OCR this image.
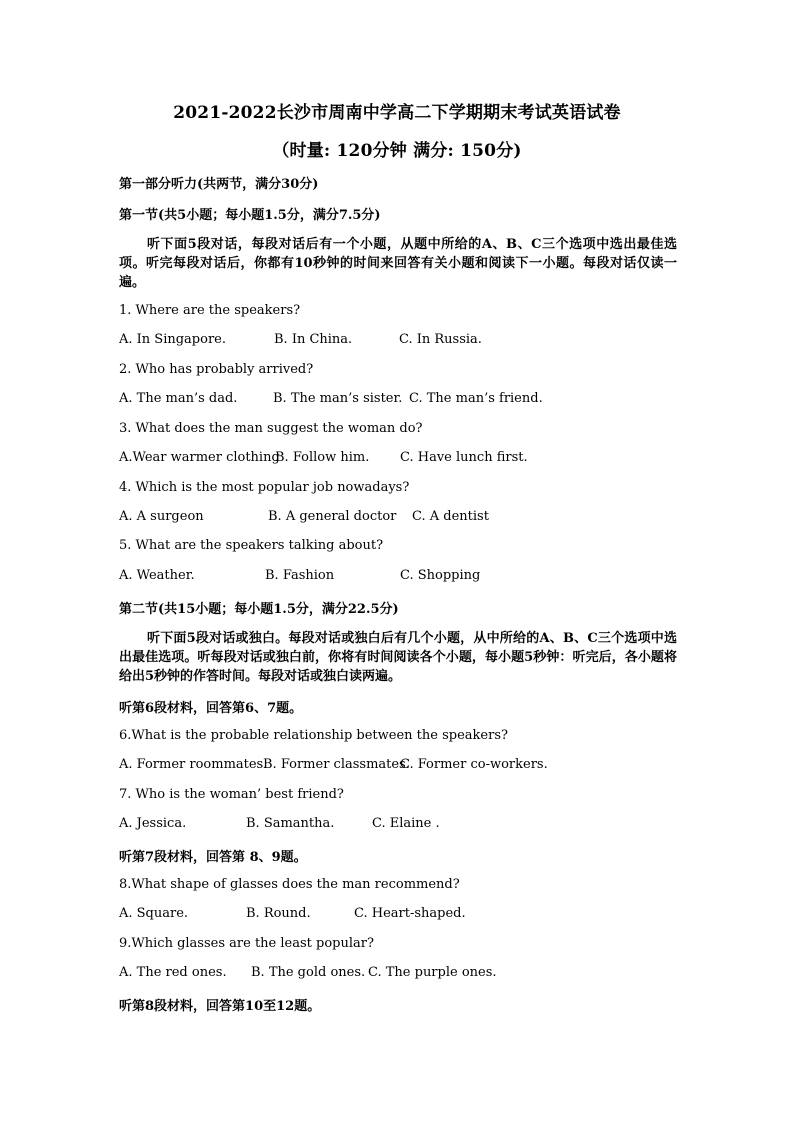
2021-2022长沙市周南中学高二下学期期末考试英语试卷
（时量: 120分钟 满分: 150分)
第一部分听力(共两节，满分30分)
第一节(共5小题；每小题1.5分，满分7.5分)
听下面5段对话，每段对话后有一个小题，从题中所给的A、B、C三个选项中选出最佳选项。听完每段对话后，你都有10秒钟的时间来回答有关小题和阅读下一小题。每段对话仅读一遍。
1. Where are the speakers?
A. In Singapore.	B. In China.	C. In Russia.
2. Who has probably arrived?
A. The man’s dad.	B. The man’s sister. C. The man’s friend.
3. What does the man suggest the woman do?
A.Wear warmer clothing
B. Follow him. C. Have lunch first.
4. Which is the most popular job nowadays?
A. A surgeon	B. A general doctor C. A dentist
5. What are the speakers talking about?
A. Weather.	B. Fashion	C. Shopping
第二节(共15小题；每小题1.5分，满分22.5分)
听下面5段对话或独白。每段对话或独白后有几个小题，从中所给的A、B、C三个选项中选出最佳选项。听每段对话或独白前，你将有时间阅读各个小题，每小题5秒钟：听完后，各小题将给出5秒钟的作答时间。每段对话或独白读两遍。
听第6段材料，回答第6、7题。
6.What is the probable relationship between the speakers?
A. Former roommates.
B. Former classmates.
C. Former co-workers.
7. Who is the woman’ best friend?
A. Jessica.	B. Samantha.	C. Elaine .
听第7段材料，回答第 8、9题。
8.What shape of glasses does the man recommend?
A. Square.	B. Round.	C. Heart-shaped.
9.Which glasses are the least popular?
A. The red ones. B. The gold ones. C. The purple ones.
听第8段材料，回答第10至12题。
